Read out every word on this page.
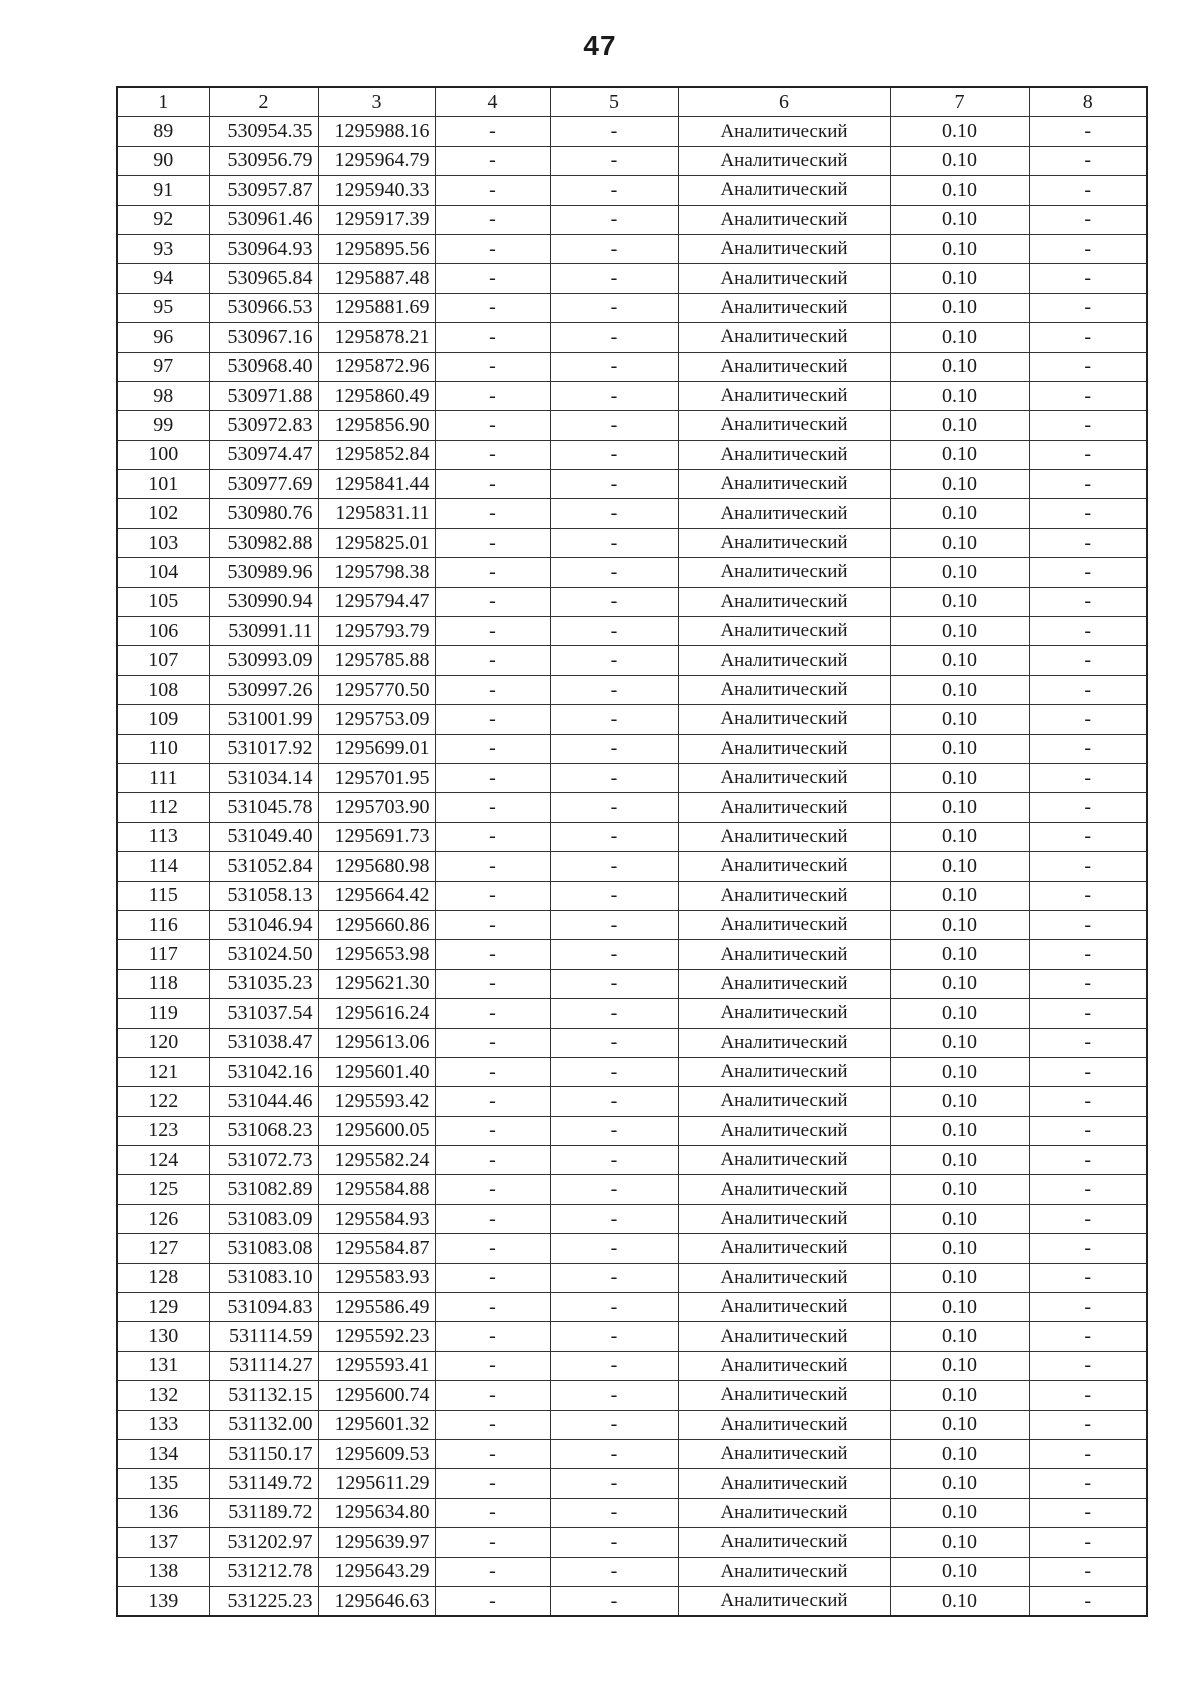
47
1	2	3	4	5	6	7	8
89	530954.35	1295988.16	-	-	Аналитический	0.10	-
90	530956.79	1295964.79	-	-	Аналитический	0.10	-
91	530957.87	1295940.33	-	-	Аналитический	0.10	-
92	530961.46	1295917.39	-	-	Аналитический	0.10	-
93	530964.93	1295895.56	-	-	Аналитический	0.10	-
94	530965.84	1295887.48	-	-	Аналитический	0.10	-
95	530966.53	1295881.69	-	-	Аналитический	0.10	-
96	530967.16	1295878.21	-	-	Аналитический	0.10	-
97	530968.40	1295872.96	-	-	Аналитический	0.10	-
98	530971.88	1295860.49	-	-	Аналитический	0.10	-
99	530972.83	1295856.90	-	-	Аналитический	0.10	-
100	530974.47	1295852.84	-	-	Аналитический	0.10	-
101	530977.69	1295841.44	-	-	Аналитический	0.10	-
102	530980.76	1295831.11	-	-	Аналитический	0.10	-
103	530982.88	1295825.01	-	-	Аналитический	0.10	-
104	530989.96	1295798.38	-	-	Аналитический	0.10	-
105	530990.94	1295794.47	-	-	Аналитический	0.10	-
106	530991.11	1295793.79	-	-	Аналитический	0.10	-
107	530993.09	1295785.88	-	-	Аналитический	0.10	-
108	530997.26	1295770.50	-	-	Аналитический	0.10	-
109	531001.99	1295753.09	-	-	Аналитический	0.10	-
110	531017.92	1295699.01	-	-	Аналитический	0.10	-
111	531034.14	1295701.95	-	-	Аналитический	0.10	-
112	531045.78	1295703.90	-	-	Аналитический	0.10	-
113	531049.40	1295691.73	-	-	Аналитический	0.10	-
114	531052.84	1295680.98	-	-	Аналитический	0.10	-
115	531058.13	1295664.42	-	-	Аналитический	0.10	-
116	531046.94	1295660.86	-	-	Аналитический	0.10	-
117	531024.50	1295653.98	-	-	Аналитический	0.10	-
118	531035.23	1295621.30	-	-	Аналитический	0.10	-
119	531037.54	1295616.24	-	-	Аналитический	0.10	-
120	531038.47	1295613.06	-	-	Аналитический	0.10	-
121	531042.16	1295601.40	-	-	Аналитический	0.10	-
122	531044.46	1295593.42	-	-	Аналитический	0.10	-
123	531068.23	1295600.05	-	-	Аналитический	0.10	-
124	531072.73	1295582.24	-	-	Аналитический	0.10	-
125	531082.89	1295584.88	-	-	Аналитический	0.10	-
126	531083.09	1295584.93	-	-	Аналитический	0.10	-
127	531083.08	1295584.87	-	-	Аналитический	0.10	-
128	531083.10	1295583.93	-	-	Аналитический	0.10	-
129	531094.83	1295586.49	-	-	Аналитический	0.10	-
130	531114.59	1295592.23	-	-	Аналитический	0.10	-
131	531114.27	1295593.41	-	-	Аналитический	0.10	-
132	531132.15	1295600.74	-	-	Аналитический	0.10	-
133	531132.00	1295601.32	-	-	Аналитический	0.10	-
134	531150.17	1295609.53	-	-	Аналитический	0.10	-
135	531149.72	1295611.29	-	-	Аналитический	0.10	-
136	531189.72	1295634.80	-	-	Аналитический	0.10	-
137	531202.97	1295639.97	-	-	Аналитический	0.10	-
138	531212.78	1295643.29	-	-	Аналитический	0.10	-
139	531225.23	1295646.63	-	-	Аналитический	0.10	-
